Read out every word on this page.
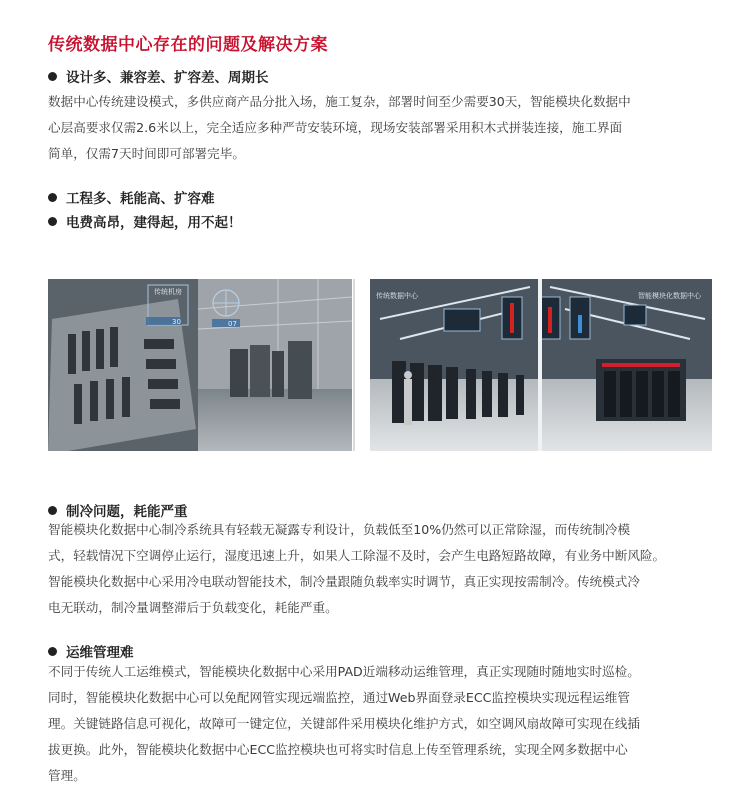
传统数据中心存在的问题及解决方案
设计多、兼容差、扩容差、周期长
数据中心传统建设模式，多供应商产品分批入场，施工复杂，部署时间至少需要30天，智能模块化数据中
心层高要求仅需2.6米以上，完全适应多种严苛安装环境，现场安装部署采用积木式拼装连接，施工界面
简单，仅需7天时间即可部署完毕。
工程多、耗能高、扩容难
电费高昂，建得起，用不起！
传统机房
30	07
传统数据中心	智能模块化数据中心
制冷问题，耗能严重
智能模块化数据中心制冷系统具有轻载无凝露专利设计，负载低至10%仍然可以正常除湿，而传统制冷模
式，轻载情况下空调停止运行，湿度迅速上升，如果人工除湿不及时，会产生电路短路故障，有业务中断风险。
智能模块化数据中心采用冷电联动智能技术，制冷量跟随负载率实时调节，真正实现按需制冷。传统模式冷
电无联动，制冷量调整滞后于负载变化，耗能严重。
运维管理难
不同于传统人工运维模式，智能模块化数据中心采用PAD近端移动运维管理，真正实现随时随地实时巡检。
同时，智能模块化数据中心可以免配网管实现远端监控，通过Web界面登录ECC监控模块实现远程运维管
理。关键链路信息可视化，故障可一键定位，关键部件采用模块化维护方式，如空调风扇故障可实现在线插
拔更换。此外，智能模块化数据中心ECC监控模块也可将实时信息上传至管理系统，实现全网多数据中心
管理。
